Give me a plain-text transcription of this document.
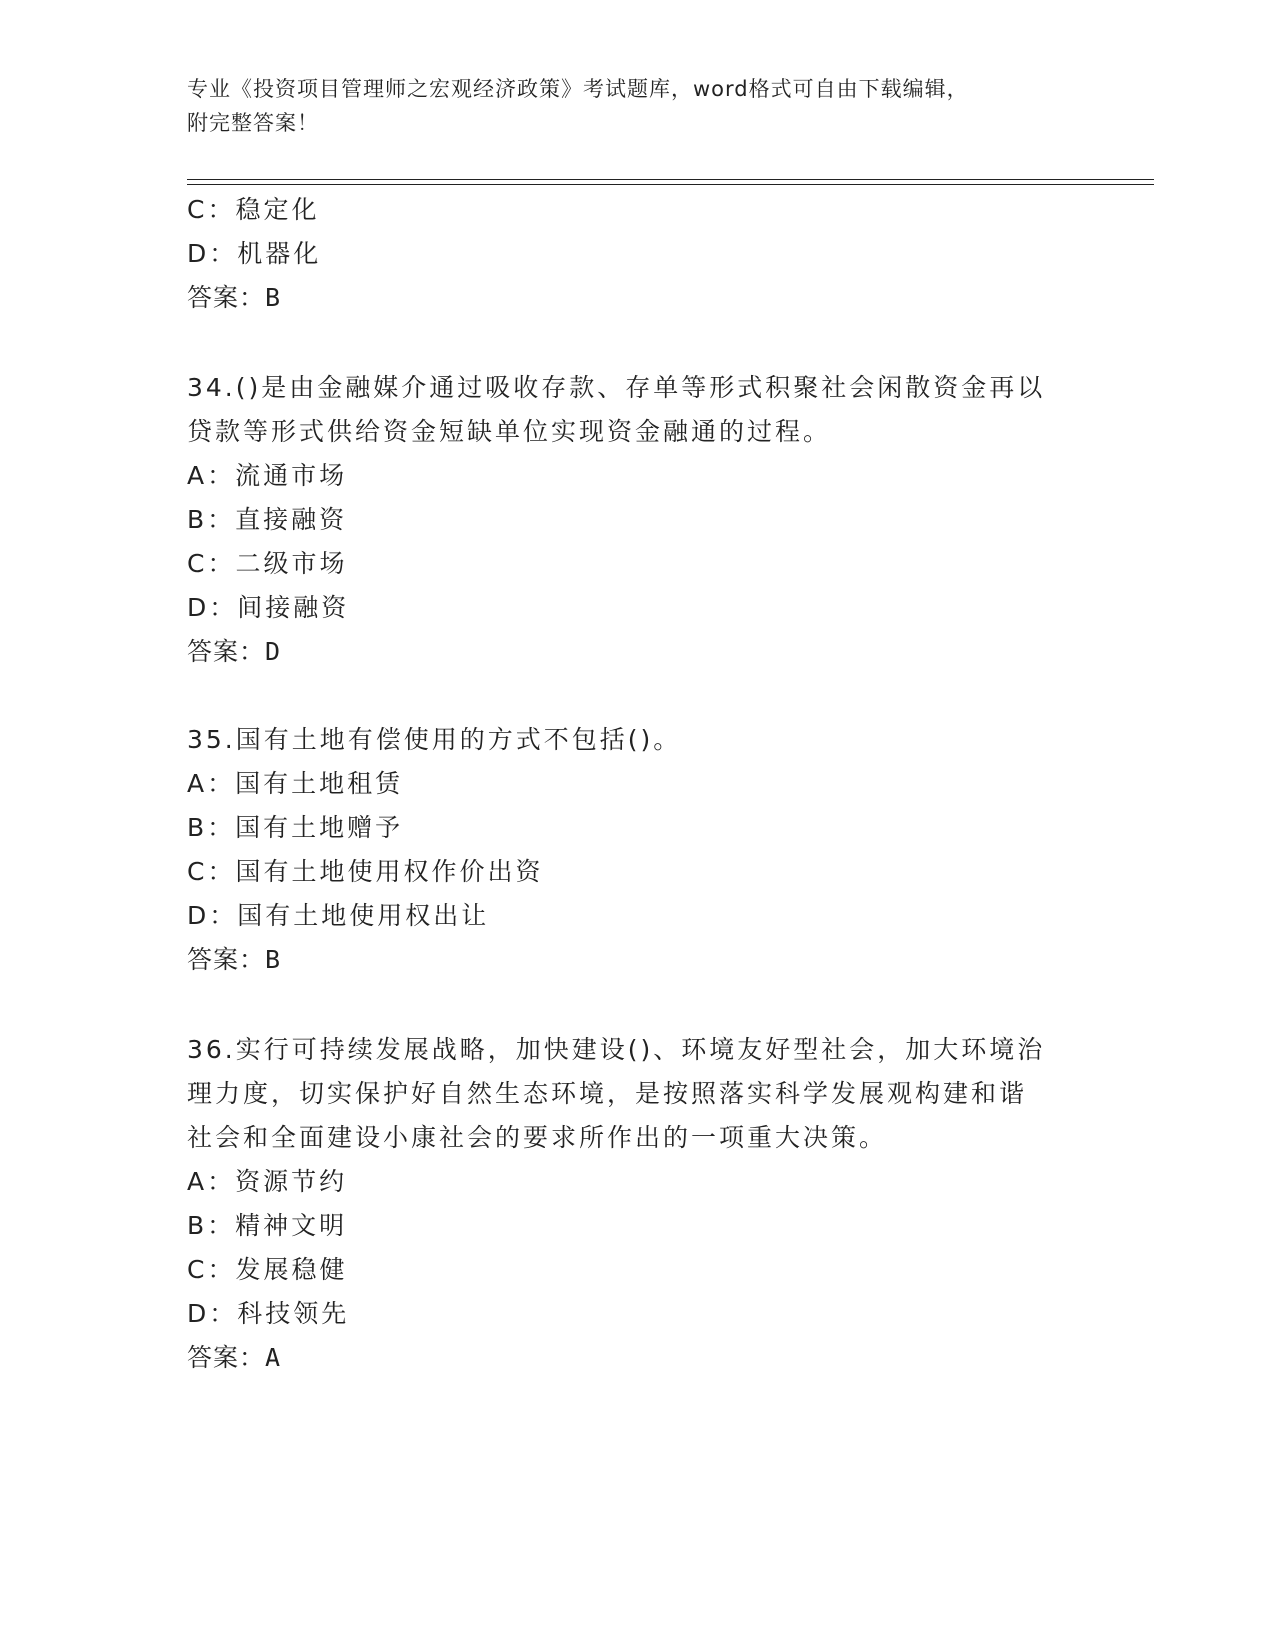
专业《投资项目管理师之宏观经济政策》考试题库，word格式可自由下载编辑，
附完整答案！
C：稳定化
D：机器化
答案：B
34.()是由金融媒介通过吸收存款、存单等形式积聚社会闲散资金再以
贷款等形式供给资金短缺单位实现资金融通的过程。
A：流通市场
B：直接融资
C：二级市场
D：间接融资
答案：D
35.国有土地有偿使用的方式不包括()。
A：国有土地租赁
B：国有土地赠予
C：国有土地使用权作价出资
D：国有土地使用权出让
答案：B
36.实行可持续发展战略，加快建设()、环境友好型社会，加大环境治
理力度，切实保护好自然生态环境，是按照落实科学发展观构建和谐
社会和全面建设小康社会的要求所作出的一项重大决策。
A：资源节约
B：精神文明
C：发展稳健
D：科技领先
答案：A
